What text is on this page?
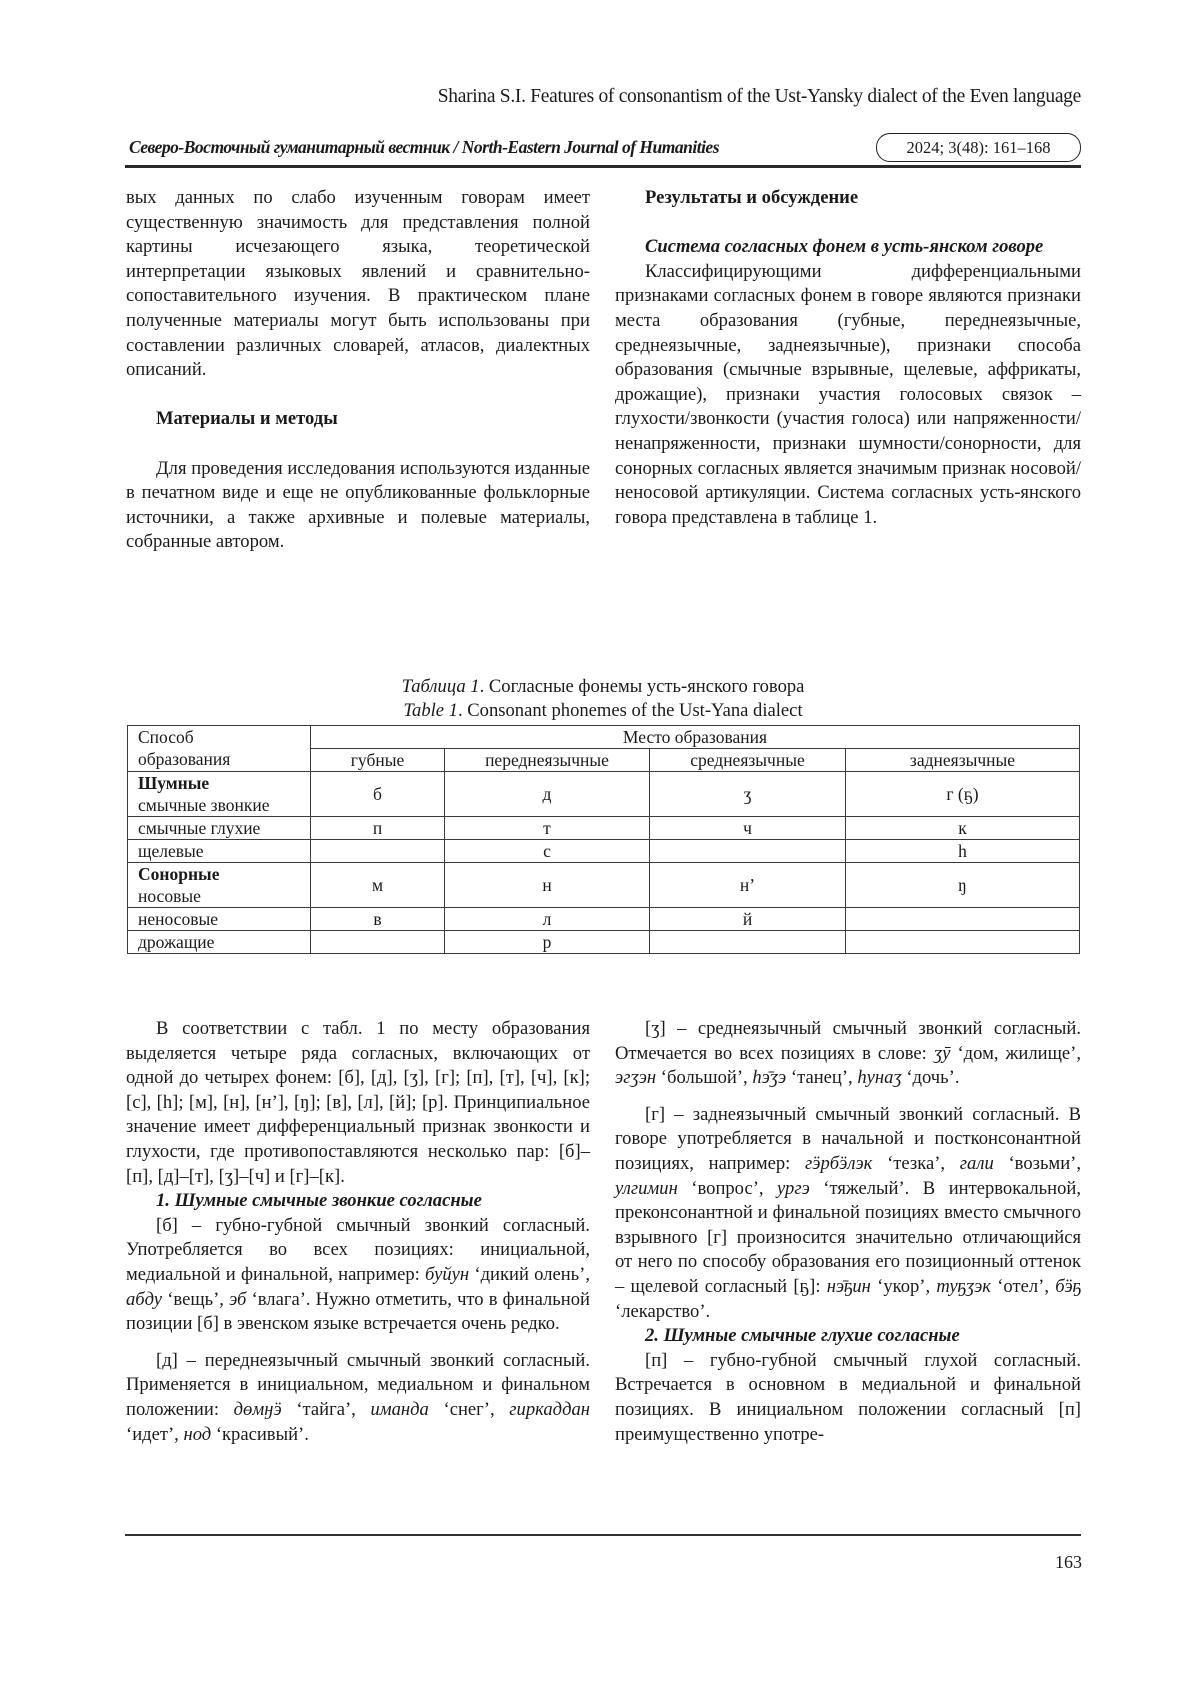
Sharina S.I. Features of consonantism of the Ust-Yansky dialect of the Even language
Северо-Восточный гуманитарный вестник / North-Eastern Journal of Humanities	2024; 3(48): 161–168

вых данных по слабо изученным говорам имеет существенную значимость для представления полной картины исчезающего языка, теоретической интерпретации языковых явлений и сравнительно-сопоставительного изучения. В практическом плане полученные материалы могут быть использованы при составлении различных словарей, атласов, диалектных описаний.

Материалы и методы

Для проведения исследования используются изданные в печатном виде и еще не опубликованные фольклорные источники, а также архивные и полевые материалы, собранные автором.

Результаты и обсуждение

Система согласных фонем в усть-янском говоре

Классифицирующими дифференциальными признаками согласных фонем в говоре являются признаки места образования (губные, переднеязычные, среднеязычные, заднеязычные), признаки способа образования (смычные взрывные, щелевые, аффрикаты, дрожащие), признаки участия голосовых связок – глухости/звонкости (участия голоса) или напряженности/ненапряженности, признаки шумности/сонорности, для сонорных согласных является значимым признак носовой/неносовой артикуляции. Система согласных усть-янского говора представлена в таблице 1.

Таблица 1. Согласные фонемы усть-янского говора
Table 1. Consonant phonemes of the Ust-Yana dialect
Способ
образования	Место образования			
	губные	переднеязычные	среднеязычные	заднеязычные

Шумные
смычные звонкие	б	д	ʒ	г (ҕ)
смычные глухие	п	т	ч	к
щелевые		с		h

Сонорные
носовые	м	н	н’	ŋ
неносовые	в	л	й	
дрожащие		р		

В соответствии с табл. 1 по месту образования выделяется четыре ряда согласных, включающих от одной до четырех фонем: [б], [д], [ʒ], [г]; [п], [т], [ч], [к]; [с], [h]; [м], [н], [н’], [ŋ]; [в], [л], [й]; [р]. Принципиальное значение имеет дифференциальный признак звонкости и глухости, где противопоставляются несколько пар: [б]–[п], [д]–[т], [ʒ]–[ч] и [г]–[к].

1. Шумные смычные звонкие согласные

[б] – губно-губной смычный звонкий согласный. Употребляется во всех позициях: инициальной, медиальной и финальной, например: буйун ‘дикий олень’, абду ‘вещь’, эб ‘влага’. Нужно отметить, что в финальной позиции [б] в эвенском языке встречается очень редко.

[д] – переднеязычный смычный звонкий согласный. Применяется в инициальном, медиальном и финальном положении: дөмӈӭ ‘тайга’, иманда ‘снег’, гиркаддан ‘идет’, нод ‘красивый’.

[ʒ] – среднеязычный смычный звонкий согласный. Отмечается во всех позициях в слове: ʒӯ ‘дом, жилище’, эгʒэн ‘большой’, hэ̄ʒэ ‘танец’, hунаʒ ‘дочь’.

[г] – заднеязычный смычный звонкий согласный. В говоре употребляется в начальной и постконсонантной позициях, например: гӭрбӭлэк ‘тезка’, гали ‘возьми’, улгимин ‘вопрос’, ургэ ‘тяжелый’. В интервокальной, преконсонантной и финальной позициях вместо смычного взрывного [г] произносится значительно отличающийся от него по способу образования его позиционный оттенок – щелевой согласный [ҕ]: нэ̄ҕин ‘укор’, туҕʒэк ‘отел’, бӭҕ ‘лекарство’.

2. Шумные смычные глухие согласные

[п] – губно-губной смычный глухой согласный. Встречается в основном в медиальной и финальной позициях. В инициальном положении согласный [п] преимущественно употре-

163
